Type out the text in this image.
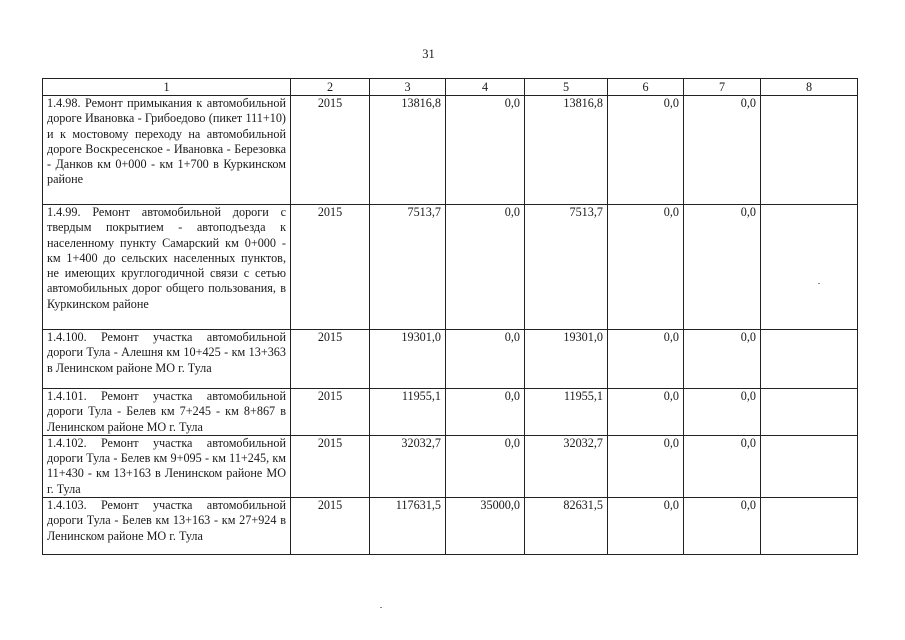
31
1	2	3	4	5	6	7	8
1.4.98. Ремонт примыкания к автомобильной дороге Ивановка - Грибоедово (пикет 111+10) и к мостовому переходу на автомобильной дороге Воскресенское - Ивановка - Березовка - Данков км 0+000 - км 1+700 в Куркинском районе	2015	13816,8	0,0	13816,8	0,0	0,0	
1.4.99. Ремонт автомобильной дороги с твердым покрытием - автоподъезда к населенному пункту Самарский км 0+000 - км 1+400 до сельских населенных пунктов, не имеющих круглогодичной связи с сетью автомобильных дорог общего пользования, в Куркинском районе	2015	7513,7	0,0	7513,7	0,0	0,0	
1.4.100. Ремонт участка автомобильной дороги Тула - Алешня км 10+425 - км 13+363 в Ленинском районе МО г. Тула	2015	19301,0	0,0	19301,0	0,0	0,0	
1.4.101. Ремонт участка автомобильной дороги Тула - Белев км 7+245 - км 8+867 в Ленинском районе МО г. Тула	2015	11955,1	0,0	11955,1	0,0	0,0	
1.4.102. Ремонт участка автомобильной дороги Тула - Белев км 9+095 - км 11+245, км 11+430 - км 13+163 в Ленинском районе МО г. Тула	2015	32032,7	0,0	32032,7	0,0	0,0	
1.4.103. Ремонт участка автомобильной дороги Тула - Белев км 13+163 - км 27+924 в Ленинском районе МО г. Тула	2015	117631,5	35000,0	82631,5	0,0	0,0	
